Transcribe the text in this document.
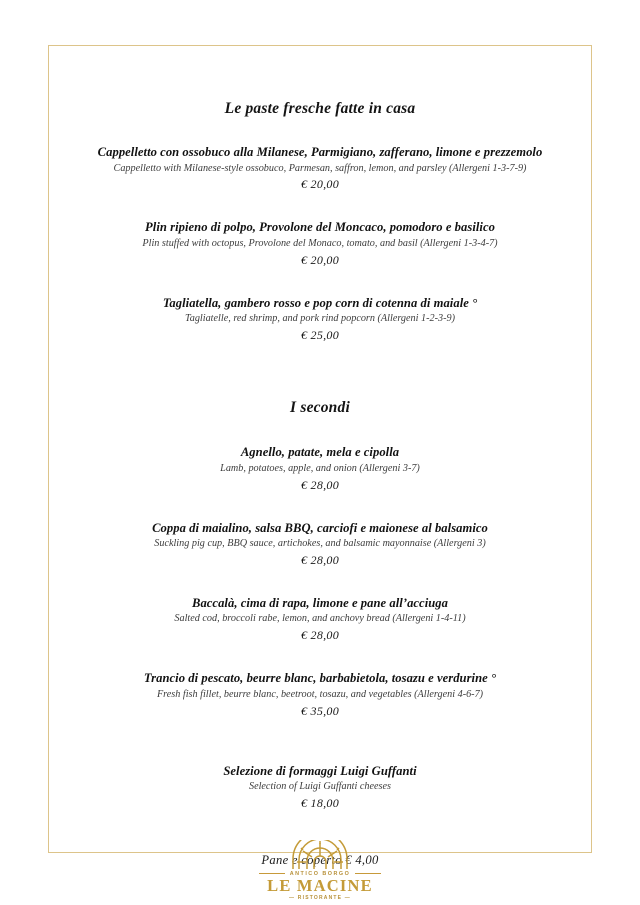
Le paste fresche fatte in casa
Cappelletto con ossobuco alla Milanese, Parmigiano, zafferano, limone e prezzemolo
Cappelletto with Milanese-style ossobuco, Parmesan, saffron, lemon, and parsley (Allergeni 1-3-7-9)
€ 20,00
Plin ripieno di polpo, Provolone del Moncaco, pomodoro e basilico
Plin stuffed with octopus, Provolone del Monaco, tomato, and basil (Allergeni 1-3-4-7)
€ 20,00
Tagliatella, gambero rosso e pop corn di cotenna di maiale °
Tagliatelle, red shrimp, and pork rind popcorn (Allergeni 1-2-3-9)
€ 25,00
I secondi
Agnello, patate, mela e cipolla
Lamb, potatoes, apple, and onion (Allergeni 3-7)
€ 28,00
Coppa di maialino, salsa BBQ, carciofi e maionese al balsamico
Suckling pig cup, BBQ sauce, artichokes, and balsamic mayonnaise (Allergeni 3)
€ 28,00
Baccalà, cima di rapa, limone e pane all’acciuga
Salted cod, broccoli rabe, lemon, and anchovy bread (Allergeni 1-4-11)
€ 28,00
Trancio di pescato, beurre blanc, barbabietola, tosazu e verdurine °
Fresh fish fillet, beurre blanc, beetroot, tosazu, and vegetables (Allergeni 4-6-7)
€ 35,00
Selezione di formaggi Luigi Guffanti
Selection of Luigi Guffanti cheeses
€ 18,00
Pane e coperto € 4,00
ANTICO BORGO
LE MACINE
— RISTORANTE —
